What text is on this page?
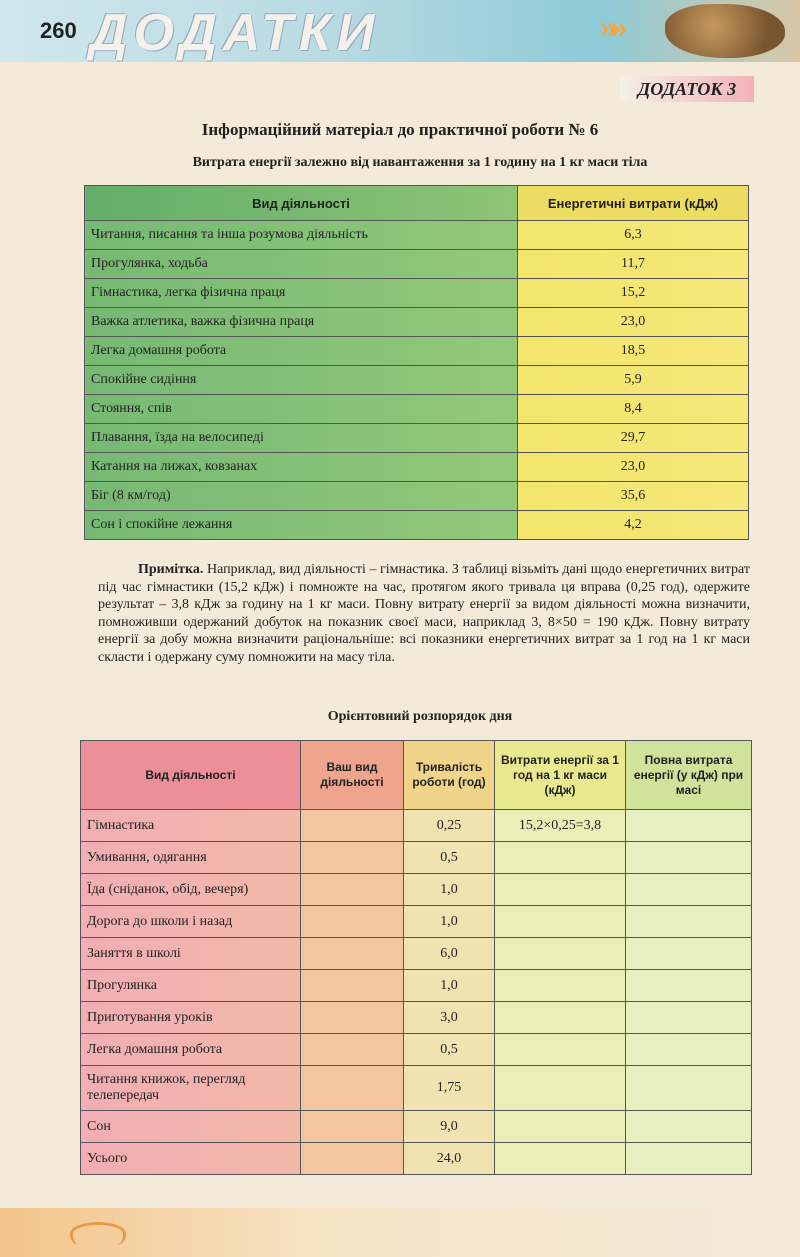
260 ДОДАТКИ	»»
ДОДАТОК 3
Інформаційний матеріал до практичної роботи № 6
Витрата енергії залежно від навантаження за 1 годину на 1 кг маси тіла
Вид діяльності	Енергетичні витрати (кДж)
Читання, писання та інша розумова діяльність	6,3
Прогулянка, ходьба	11,7
Гімнастика, легка фізична праця	15,2
Важка атлетика, важка фізична праця	23,0
Легка домашня робота	18,5
Спокійне сидіння	5,9
Стояння, спів	8,4
Плавання, їзда на велосипеді	29,7
Катання на лижах, ковзанах	23,0
Біг (8 км/год)	35,6
Сон і спокійне лежання	4,2
Примітка. Наприклад, вид діяльності – гімнастика. З таблиці візьміть дані щодо енергетичних витрат під час гімнастики (15,2 кДж) і помножте на час, протягом якого тривала ця вправа (0,25 год), одержите результат – 3,8 кДж за годину на 1 кг маси. Повну витрату енергії за видом діяльності можна визначити, помноживши одержаний добуток на показник своєї маси, наприклад 3, 8×50 = 190 кДж. Повну витрату енергії за добу можна визначити раціональніше: всі показники енергетичних витрат за 1 год на 1 кг маси скласти і одержану суму помножити на масу тіла.
Орієнтовний розпорядок дня
Вид діяльності	Ваш вид діяльності	Тривалість роботи (год)	Витрати енергії за 1 год на 1 кг маси (кДж)	Повна витрата енергії (у кДж) при масі
Гімнастика		0,25	15,2×0,25=3,8	
Умивання, одягання		0,5		
Їда (сніданок, обід, вечеря)		1,0		
Дорога до школи і назад		1,0		
Заняття в школі		6,0		
Прогулянка		1,0		
Приготування уроків		3,0		
Легка домашня робота		0,5		
Читання книжок, перегляд телепередач		1,75		
Сон		9,0		
Усього		24,0		
